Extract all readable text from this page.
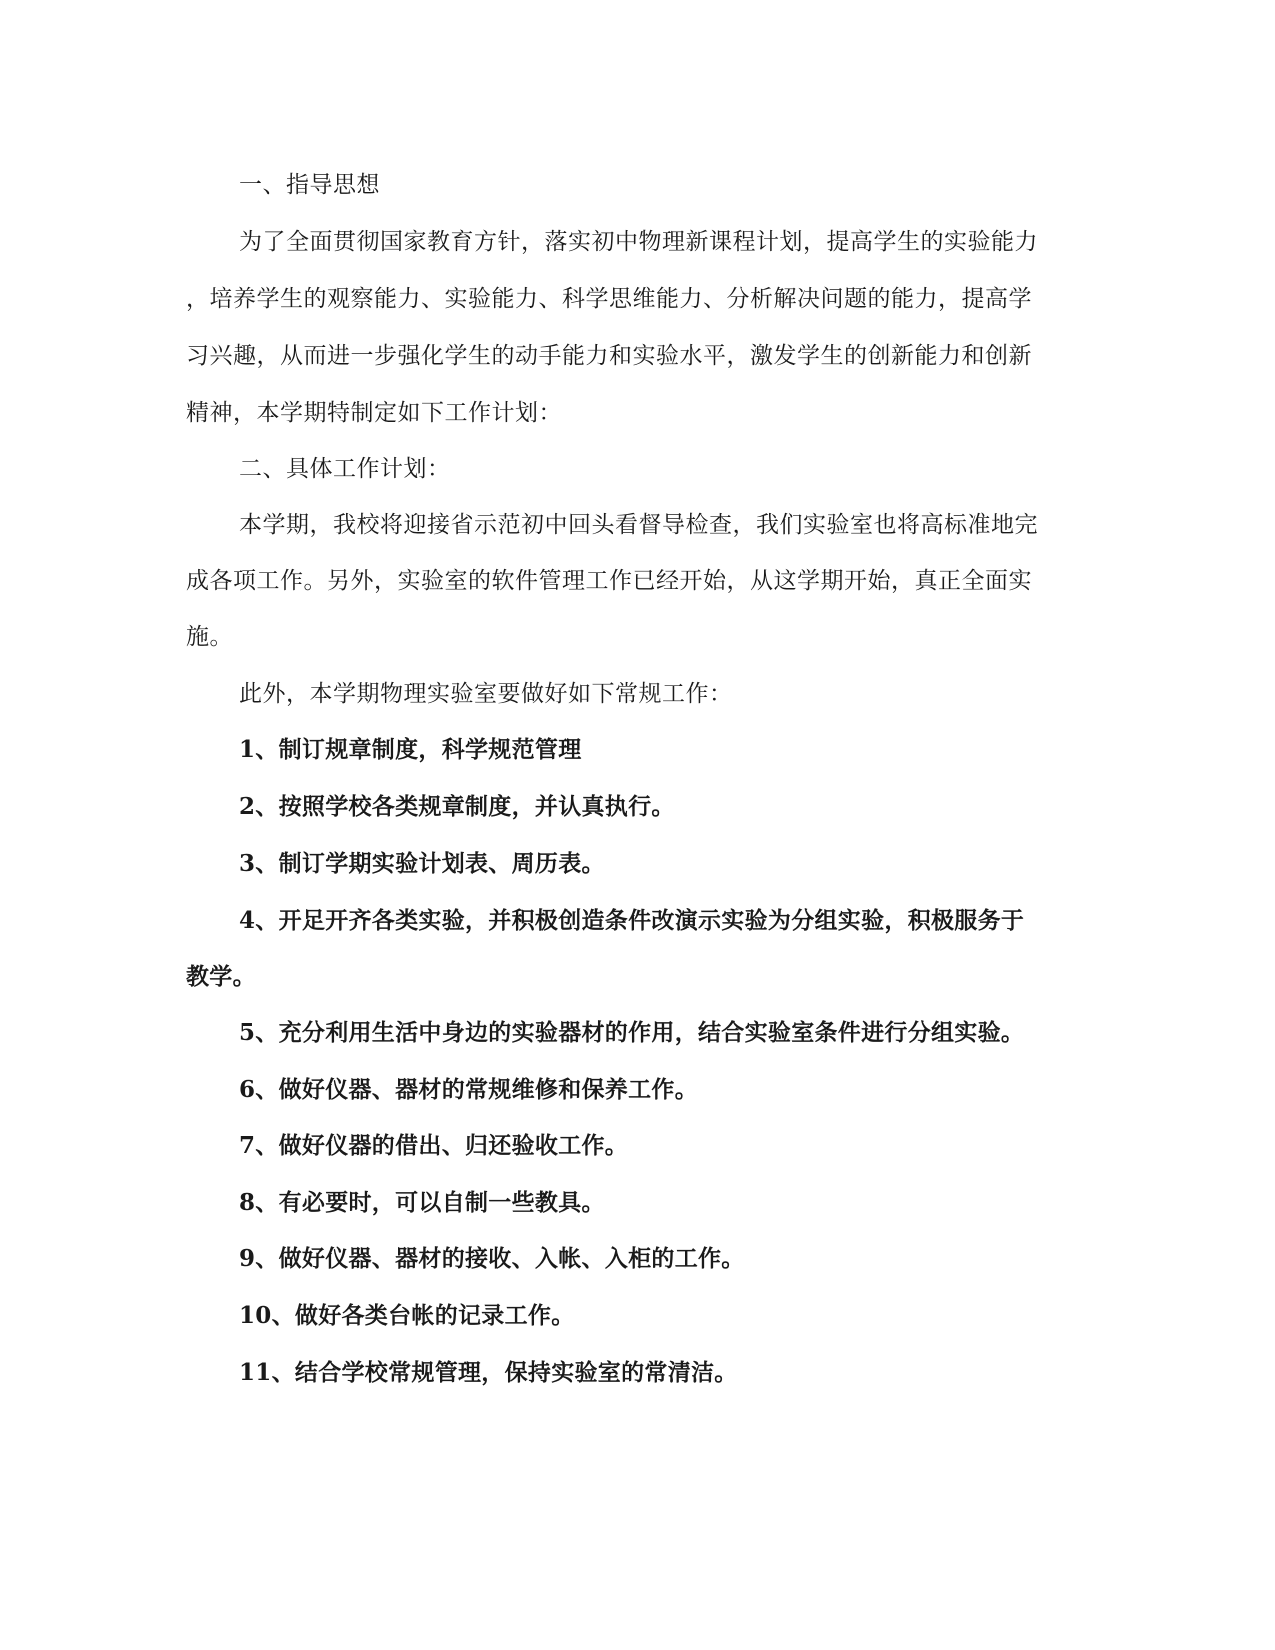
一、指导思想
为了全面贯彻国家教育方针，落实初中物理新课程计划，提高学生的实验能力
，培养学生的观察能力、实验能力、科学思维能力、分析解决问题的能力，提高学
习兴趣，从而进一步强化学生的动手能力和实验水平，激发学生的创新能力和创新
精神，本学期特制定如下工作计划：
二、具体工作计划：
本学期，我校将迎接省示范初中回头看督导检查，我们实验室也将高标准地完
成各项工作。另外，实验室的软件管理工作已经开始，从这学期开始，真正全面实
施。
此外，本学期物理实验室要做好如下常规工作：
1、制订规章制度，科学规范管理
2、按照学校各类规章制度，并认真执行。
3、制订学期实验计划表、周历表。
4、开足开齐各类实验，并积极创造条件改演示实验为分组实验，积极服务于
教学。
5、充分利用生活中身边的实验器材的作用，结合实验室条件进行分组实验。
6、做好仪器、器材的常规维修和保养工作。
7、做好仪器的借出、归还验收工作。
8、有必要时，可以自制一些教具。
9、做好仪器、器材的接收、入帐、入柜的工作。
10、做好各类台帐的记录工作。
11、结合学校常规管理，保持实验室的常清洁。
